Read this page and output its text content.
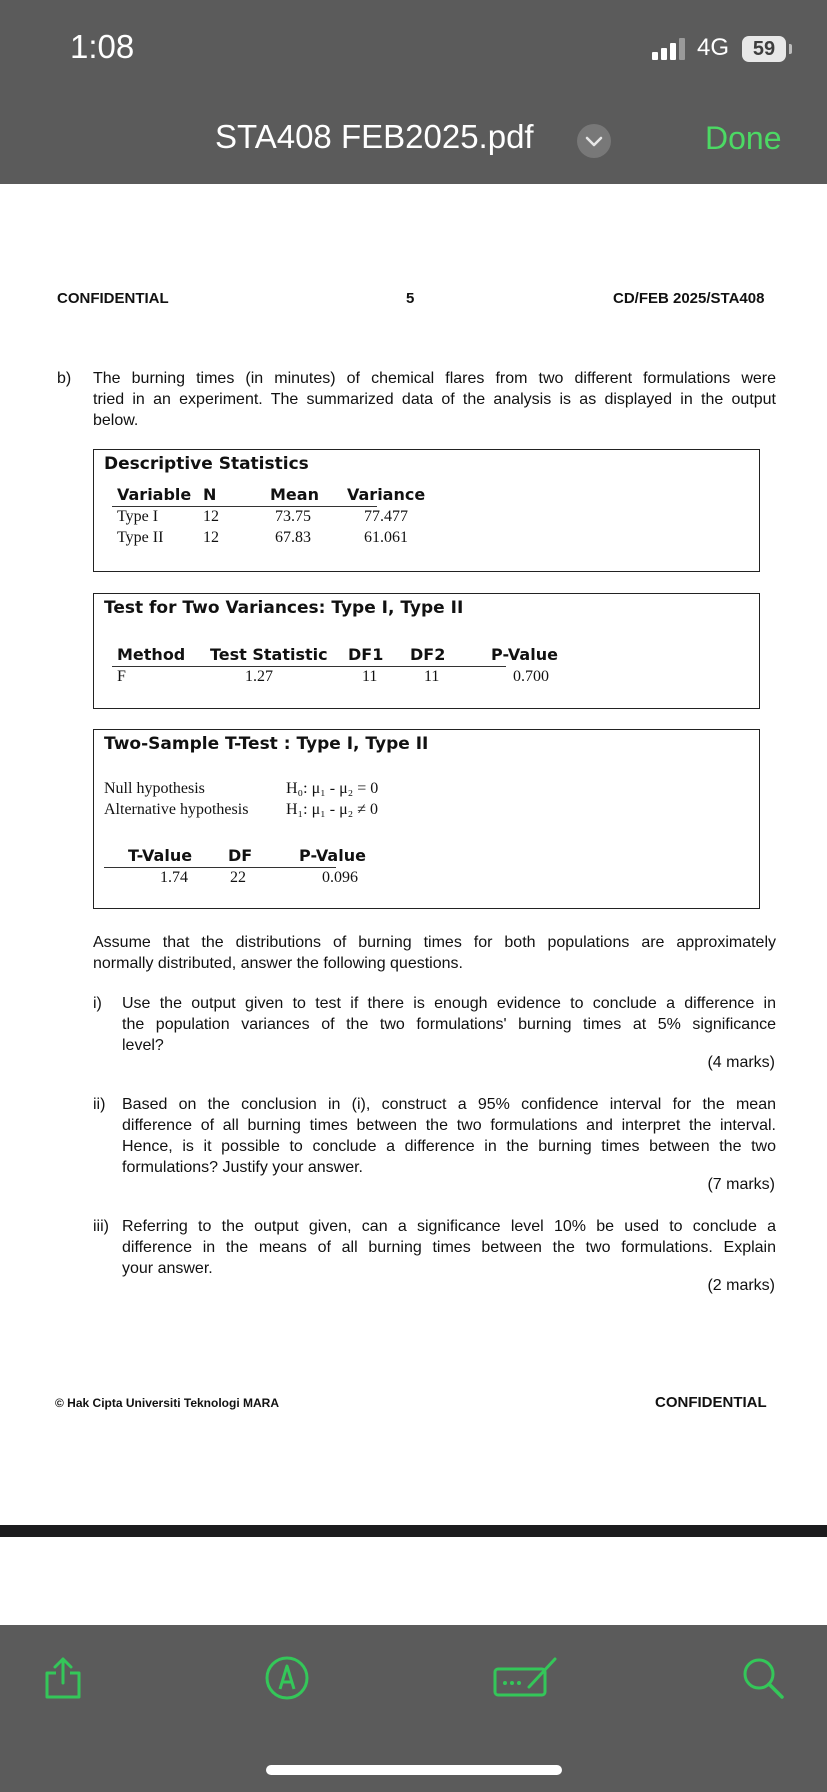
1:08	4G	59
STA408 FEB2025.pdf	Done
CONFIDENTIAL	5	CD/FEB 2025/STA408
b) The burning times (in minutes) of chemical flares from two different formulations were
tried in an experiment. The summarized data of the analysis is as displayed in the output
below.
Descriptive Statistics
Variable N	Mean Variance
Type I	12	73.75	77.477
Type II 12	67.83	61.061
Test for Two Variances: Type I, Type II
Method Test Statistic DF1 DF2	P-Value
F	1.27	11	11	0.700
Two-Sample T-Test : Type I, Type II
Null hypothesis	H₀: μ₁ - μ₂ = 0
Alternative hypothesis H₁: μ₁ - μ₂ ≠ 0
T-Value DF	P-Value
1.74	22	0.096
Assume that the distributions of burning times for both populations are approximately
normally distributed, answer the following questions.
i) Use the output given to test if there is enough evidence to conclude a difference in
the population variances of the two formulations' burning times at 5% significance
level?
(4 marks)
ii) Based on the conclusion in (i), construct a 95% confidence interval for the mean
difference of all burning times between the two formulations and interpret the interval.
Hence, is it possible to conclude a difference in the burning times between the two
formulations? Justify your answer.
(7 marks)
iii) Referring to the output given, can a significance level 10% be used to conclude a
difference in the means of all burning times between the two formulations. Explain
your answer.
(2 marks)
© Hak Cipta Universiti Teknologi MARA	CONFIDENTIAL
